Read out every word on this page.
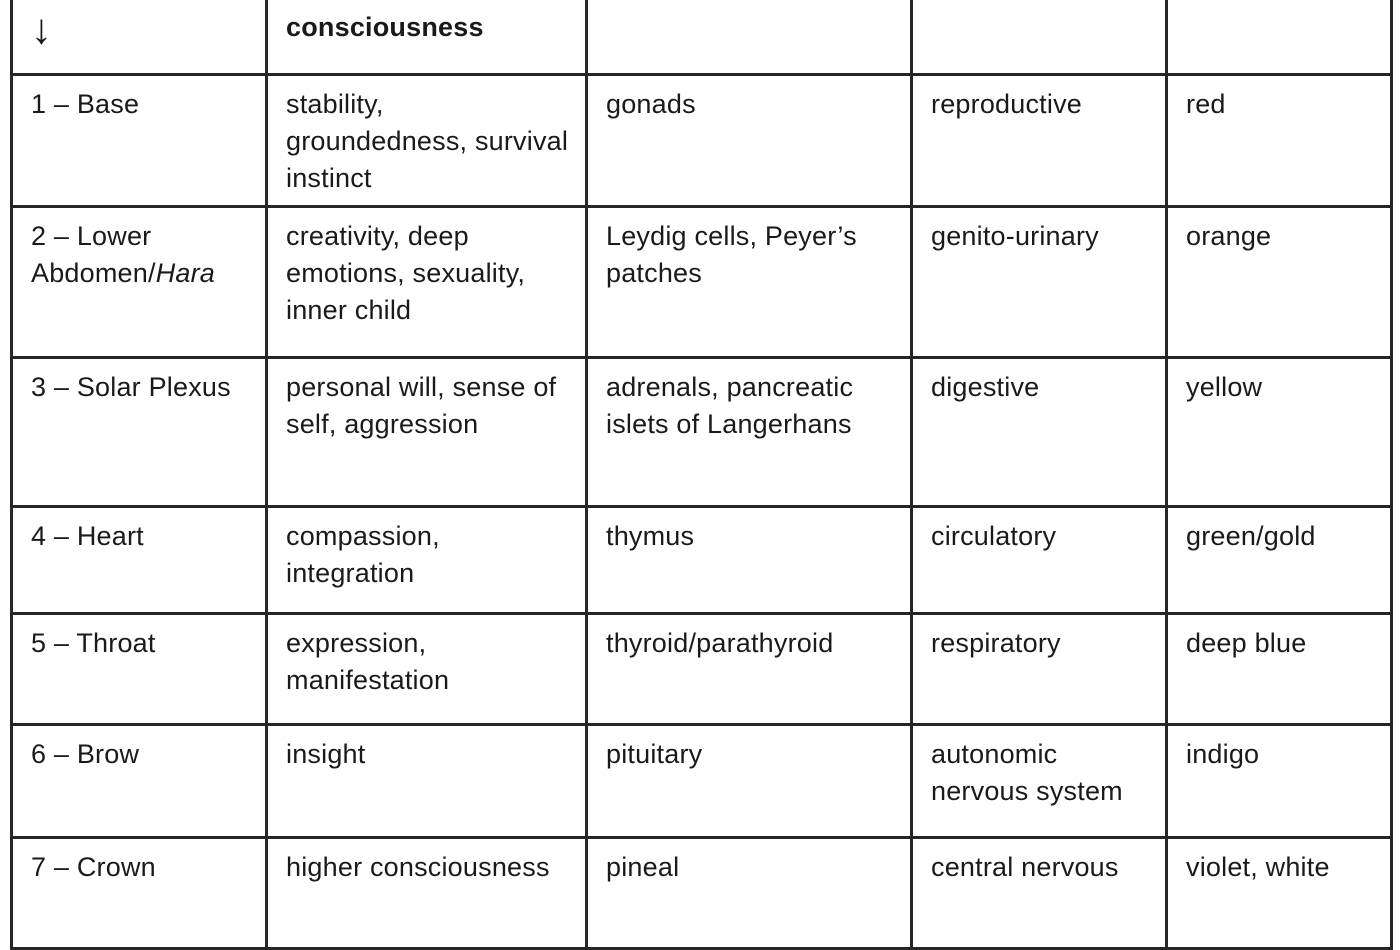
↓	consciousness			
1 – Base	stability, groundedness, survival instinct	gonads	reproductive	red
2 – Lower Abdomen/Hara	creativity, deep emotions, sexuality, inner child	Leydig cells, Peyer’s patches	genito-urinary	orange
3 – Solar Plexus	personal will, sense of self, aggression	adrenals, pancreatic islets of Langerhans	digestive	yellow
4 – Heart	compassion, integration	thymus	circulatory	green/gold
5 – Throat	expression, manifestation	thyroid/parathyroid	respiratory	deep blue
6 – Brow	insight	pituitary	autonomic nervous system	indigo
7 – Crown	higher consciousness	pineal	central nervous	violet, white
